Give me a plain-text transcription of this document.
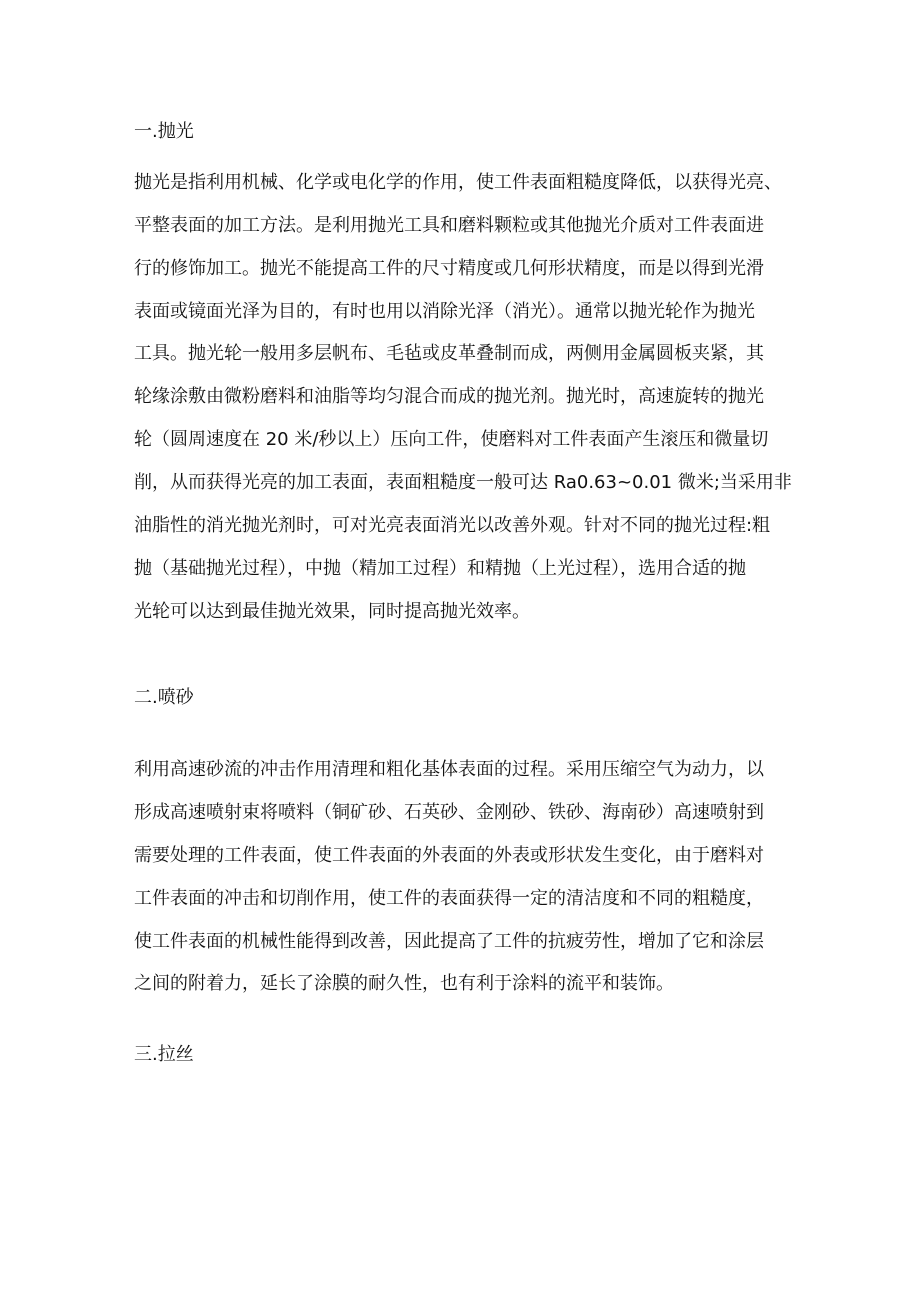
一.抛光

抛光是指利用机械、化学或电化学的作用，使工件表面粗糙度降低，以获得光亮、

平整表面的加工方法。是利用抛光工具和磨料颗粒或其他抛光介质对工件表面进

行的修饰加工。抛光不能提高工件的尺寸精度或几何形状精度，而是以得到光滑

表面或镜面光泽为目的，有时也用以消除光泽（消光）。通常以抛光轮作为抛光

工具。抛光轮一般用多层帆布、毛毡或皮革叠制而成，两侧用金属圆板夹紧，其

轮缘涂敷由微粉磨料和油脂等均匀混合而成的抛光剂。抛光时，高速旋转的抛光

轮（圆周速度在 20 米/秒以上）压向工件，使磨料对工件表面产生滚压和微量切

削，从而获得光亮的加工表面，表面粗糙度一般可达 Ra0.63~0.01 微米;当采用非

油脂性的消光抛光剂时，可对光亮表面消光以改善外观。针对不同的抛光过程:粗

抛（基础抛光过程），中抛（精加工过程）和精抛（上光过程），选用合适的抛

光轮可以达到最佳抛光效果，同时提高抛光效率。

二.喷砂

利用高速砂流的冲击作用清理和粗化基体表面的过程。采用压缩空气为动力，以

形成高速喷射束将喷料（铜矿砂、石英砂、金刚砂、铁砂、海南砂）高速喷射到

需要处理的工件表面，使工件表面的外表面的外表或形状发生变化，由于磨料对

工件表面的冲击和切削作用，使工件的表面获得一定的清洁度和不同的粗糙度，

使工件表面的机械性能得到改善，因此提高了工件的抗疲劳性，增加了它和涂层

之间的附着力，延长了涂膜的耐久性，也有利于涂料的流平和装饰。

三.拉丝
